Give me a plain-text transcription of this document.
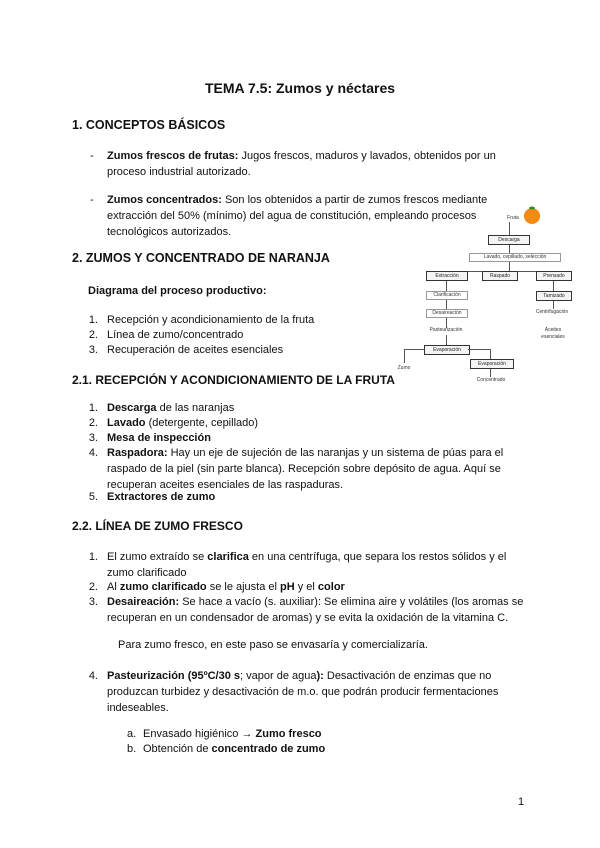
TEMA 7.5: Zumos y néctares
1. CONCEPTOS BÁSICOS
- Zumos frescos de frutas: Jugos frescos, maduros y lavados, obtenidos por un
proceso industrial autorizado.
- Zumos concentrados: Son los obtenidos a partir de zumos frescos mediante
extracción del 50% (mínimo) del agua de constitución, empleando procesos
tecnológicos autorizados.
2. ZUMOS Y CONCENTRADO DE NARANJA
Diagrama del proceso productivo:
1. Recepción y acondicionamiento de la fruta
2. Línea de zumo/concentrado
3. Recuperación de aceites esenciales
Fruta
Descarga
Lavado, cepillado, selección
Extracción	Raspado	Prensado
Clarificación
Desaireación
Pasteurización
Tamizado
Centrifugación
Aceites esenciales
Evaporación
Zumo
Evaporación
Concentrado
2.1. RECEPCIÓN Y ACONDICIONAMIENTO DE LA FRUTA
1. Descarga de las naranjas
2. Lavado (detergente, cepillado)
3. Mesa de inspección
4. Raspadora: Hay un eje de sujeción de las naranjas y un sistema de púas para el
raspado de la piel (sin parte blanca). Recepción sobre depósito de agua. Aquí se
recuperan aceites esenciales de las raspaduras.
5. Extractores de zumo
2.2. LÍNEA DE ZUMO FRESCO
1. El zumo extraído se clarifica en una centrífuga, que separa los restos sólidos y el
zumo clarificado
2. Al zumo clarificado se le ajusta el pH y el color
3. Desaireación: Se hace a vacío (s. auxiliar): Se elimina aire y volátiles (los aromas se
recuperan en un condensador de aromas) y se evita la oxidación de la vitamina C.
Para zumo fresco, en este paso se envasaría y comercializaría.
4. Pasteurización (95ºC/30 s; vapor de agua): Desactivación de enzimas que no
produzcan turbidez y desactivación de m.o. que podrán producir fermentaciones
indeseables.
a. Envasado higiénico → Zumo fresco
b. Obtención de concentrado de zumo
1
